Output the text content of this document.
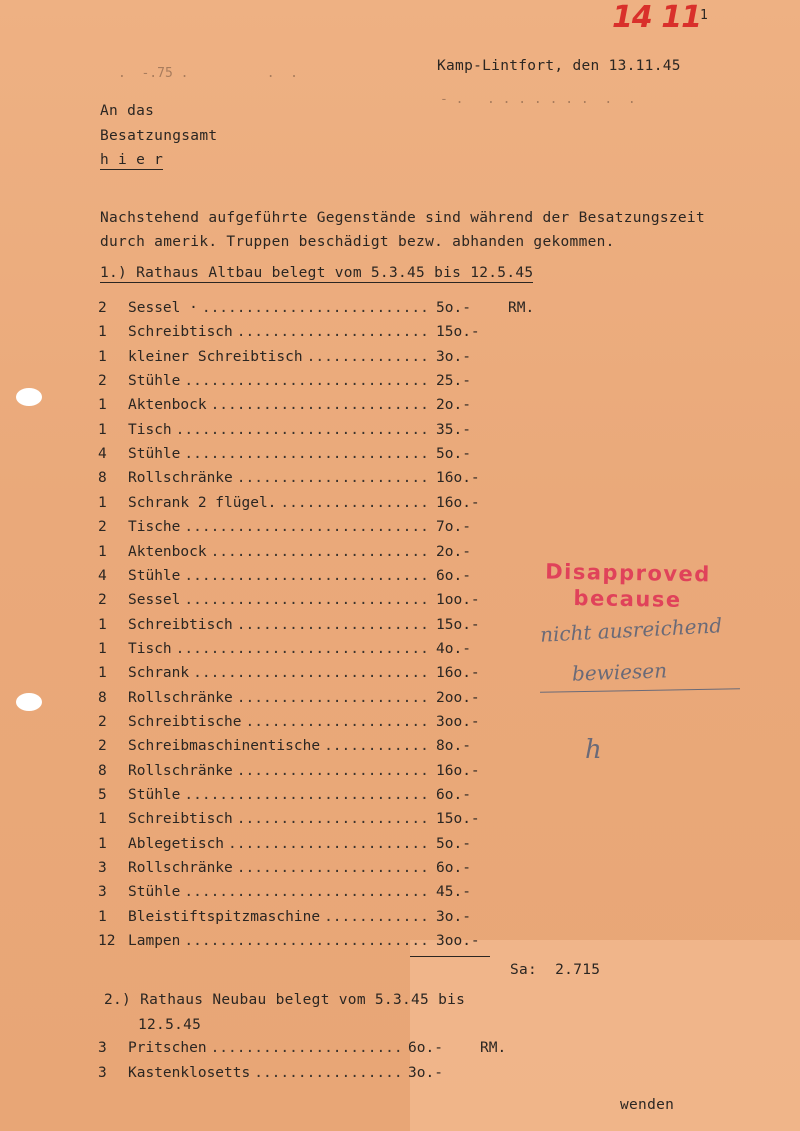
14 11 1
.  -.75 .          .  .
- .   . . . . . . .  .  .
Kamp-Lintfort, den 13.11.45
An das
Besatzungsamt
h i e r
Nachstehend aufgeführte Gegenstände sind während der Besatzungszeit
durch amerik. Truppen beschädigt bezw. abhanden gekommen.
1.) Rathaus Altbau belegt vom 5.3.45 bis 12.5.45
2	Sessel · .......................... 5o.-	RM.
1	Schreibtisch ...................... 15o.-
1	kleiner Schreibtisch .............. 3o.-
2	Stühle ............................ 25.-
1	Aktenbock ......................... 2o.-
1	Tisch ............................. 35.-
4	Stühle ............................ 5o.-
8	Rollschränke ...................... 16o.-
1	Schrank 2 flügel. ................. 16o.-
2	Tische ............................ 7o.-
1	Aktenbock ......................... 2o.-
4	Stühle ............................ 6o.-
2	Sessel ............................ 1oo.-
1	Schreibtisch ...................... 15o.-
1	Tisch ............................. 4o.-
1	Schrank ........................... 16o.-
8	Rollschränke ...................... 2oo.-
2	Schreibtische ..................... 3oo.-
2	Schreibmaschinentische ............ 8o.-
8	Rollschränke ...................... 16o.-
5	Stühle ............................ 6o.-
1	Schreibtisch ...................... 15o.-
1	Ablegetisch ....................... 5o.-
3	Rollschränke ...................... 6o.-
3	Stühle ............................ 45.-
1	Bleistiftspitzmaschine ............ 3o.-
12 Lampen ............................ 3oo.-
Sa:  2.715
2.) Rathaus Neubau belegt vom 5.3.45 bis
12.5.45
3	Pritschen ...................... 6o.-	RM.
3	Kastenklosetts ................. 3o.-
wenden
Disapproved
because
nicht ausreichend
bewiesen
h
